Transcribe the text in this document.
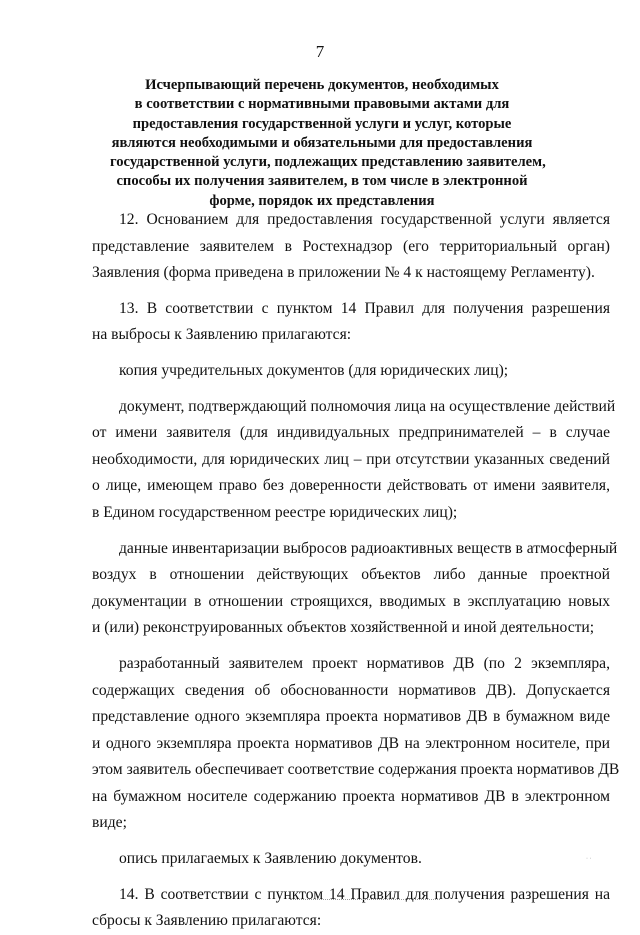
7
Исчерпывающий перечень документов, необходимых
в соответствии с нормативными правовыми актами для
предоставления государственной услуги и услуг, которые
являются необходимыми и обязательными для предоставления
государственной услуги, подлежащих представлению заявителем,
способы их получения заявителем, в том числе в электронной
форме, порядок их представления

12. Основанием для предоставления государственной услуги является
представление заявителем в Ростехнадзор (его территориальный орган)
Заявления (форма приведена в приложении № 4 к настоящему Регламенту).

13. В соответствии с пунктом 14 Правил для получения разрешения
на выбросы к Заявлению прилагаются:

копия учредительных документов (для юридических лиц);

документ, подтверждающий полномочия лица на осуществление действий
от имени заявителя (для индивидуальных предпринимателей – в случае
необходимости, для юридических лиц – при отсутствии указанных сведений
о лице, имеющем право без доверенности действовать от имени заявителя,
в Едином государственном реестре юридических лиц);

данные инвентаризации выбросов радиоактивных веществ в атмосферный
воздух в отношении действующих объектов либо данные проектной
документации в отношении строящихся, вводимых в эксплуатацию новых
и (или) реконструированных объектов хозяйственной и иной деятельности;

разработанный заявителем проект нормативов ДВ (по 2 экземпляра,
содержащих сведения об обоснованности нормативов ДВ). Допускается
представление одного экземпляра проекта нормативов ДВ в бумажном виде
и одного экземпляра проекта нормативов ДВ на электронном носителе, при
этом заявитель обеспечивает соответствие содержания проекта нормативов ДВ
на бумажном носителе содержанию проекта нормативов ДВ в электронном
виде;

опись прилагаемых к Заявлению документов.

14. В соответствии с пунктом 14 Правил для получения разрешения на
сбросы к Заявлению прилагаются:

· ·
